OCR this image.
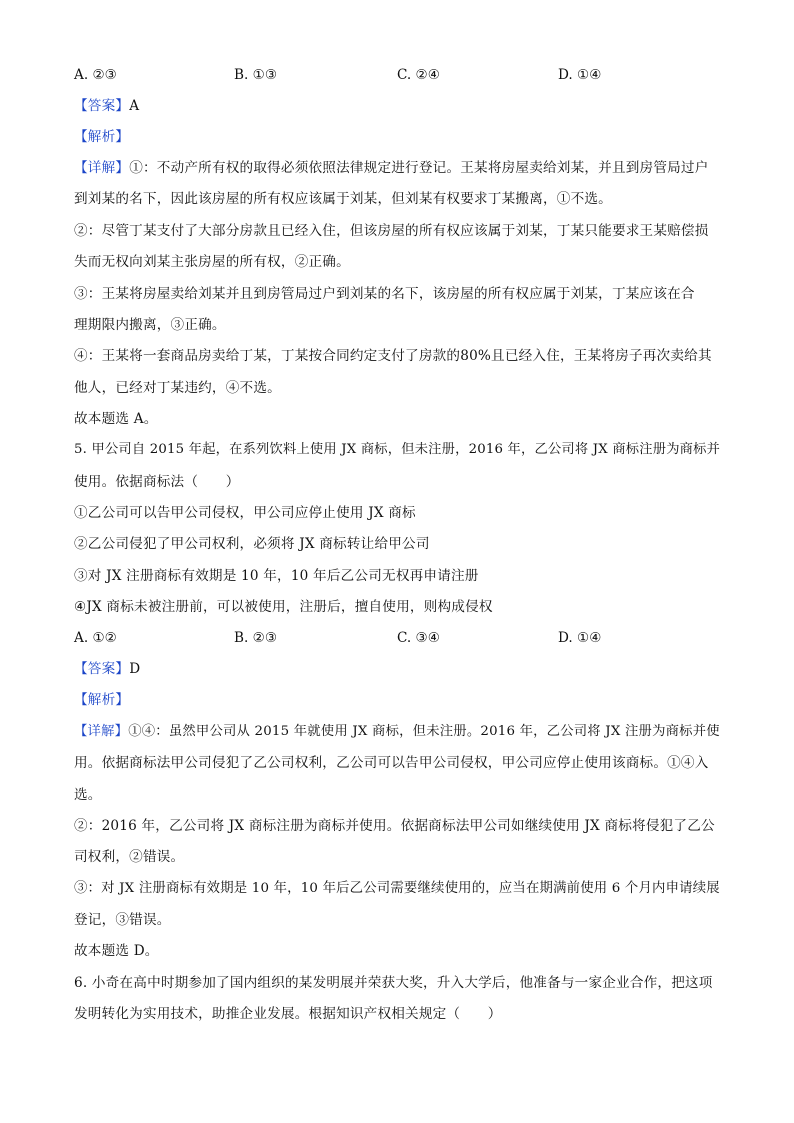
A. ②③	B. ①③	C. ②④	D. ①④
【答案】A
【解析】
【详解】①：不动产所有权的取得必须依照法律规定进行登记。王某将房屋卖给刘某，并且到房管局过户
到刘某的名下，因此该房屋的所有权应该属于刘某，但刘某有权要求丁某搬离，①不选。
②：尽管丁某支付了大部分房款且已经入住，但该房屋的所有权应该属于刘某，丁某只能要求王某赔偿损
失而无权向刘某主张房屋的所有权，②正确。
③：王某将房屋卖给刘某并且到房管局过户到刘某的名下，该房屋的所有权应属于刘某，丁某应该在合
理期限内搬离，③正确。
④：王某将一套商品房卖给丁某，丁某按合同约定支付了房款的80%且已经入住，王某将房子再次卖给其
他人，已经对丁某违约，④不选。
故本题选 A。
5. 甲公司自 2015 年起，在系列饮料上使用 JX 商标，但未注册，2016 年，乙公司将 JX 商标注册为商标并
使用。依据商标法（　　）
①乙公司可以告甲公司侵权，甲公司应停止使用 JX 商标
②乙公司侵犯了甲公司权利，必须将 JX 商标转让给甲公司
③对 JX 注册商标有效期是 10 年，10 年后乙公司无权再申请注册
④JX 商标未被注册前，可以被使用，注册后，擅自使用，则构成侵权
A. ①②	B. ②③	C. ③④	D. ①④
【答案】D
【解析】
【详解】①④：虽然甲公司从 2015 年就使用 JX 商标，但未注册。2016 年，乙公司将 JX 注册为商标并使
用。依据商标法甲公司侵犯了乙公司权利，乙公司可以告甲公司侵权，甲公司应停止使用该商标。①④入
选。
②：2016 年，乙公司将 JX 商标注册为商标并使用。依据商标法甲公司如继续使用 JX 商标将侵犯了乙公
司权利，②错误。
③：对 JX 注册商标有效期是 10 年，10 年后乙公司需要继续使用的，应当在期满前使用 6 个月内申请续展
登记，③错误。
故本题选 D。
6. 小奇在高中时期参加了国内组织的某发明展并荣获大奖，升入大学后，他准备与一家企业合作，把这项
发明转化为实用技术，助推企业发展。根据知识产权相关规定（　　）
